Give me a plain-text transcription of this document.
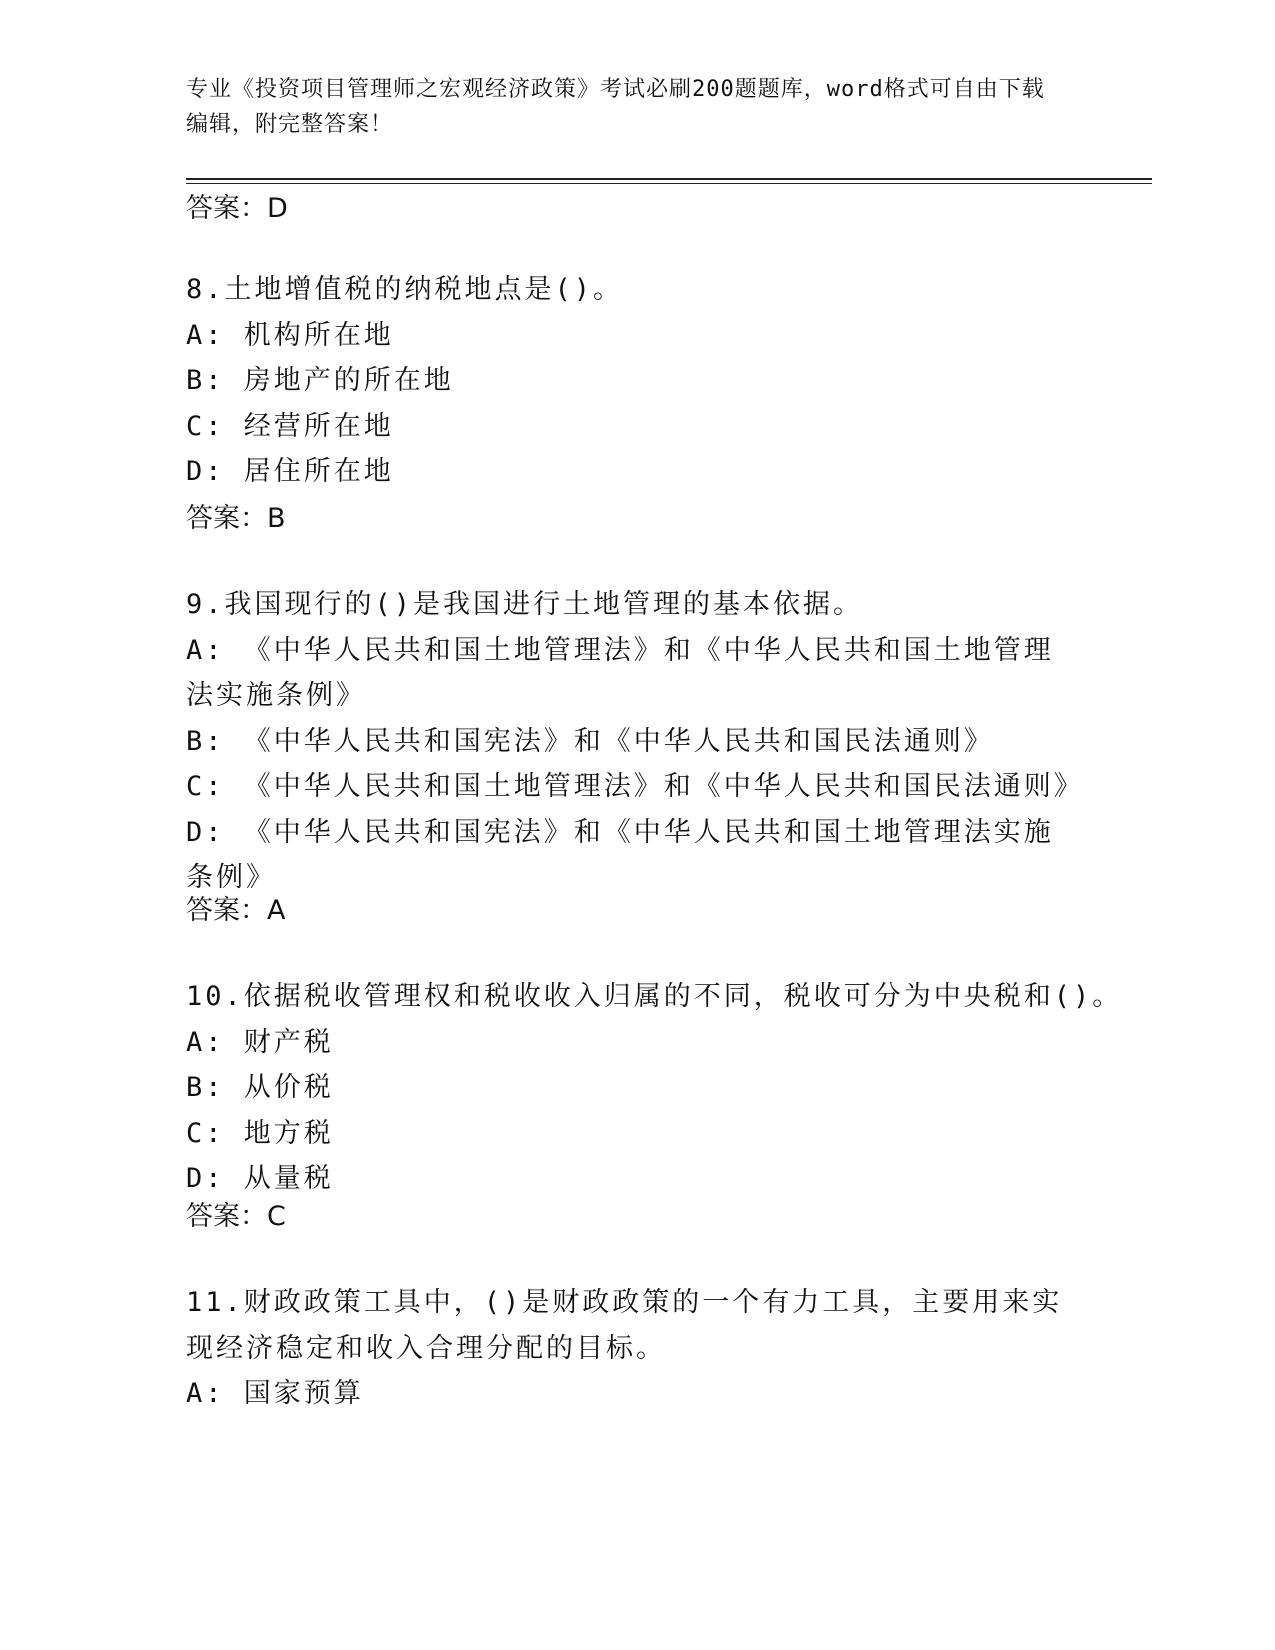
专业《投资项目管理师之宏观经济政策》考试必刷200题题库，word格式可自由下载编辑，附完整答案！
答案：D
8.土地增值税的纳税地点是()。
A: 机构所在地
B: 房地产的所在地
C: 经营所在地
D: 居住所在地
答案：B
9.我国现行的()是我国进行土地管理的基本依据。
A: 《中华人民共和国土地管理法》和《中华人民共和国土地管理法实施条例》
B: 《中华人民共和国宪法》和《中华人民共和国民法通则》
C: 《中华人民共和国土地管理法》和《中华人民共和国民法通则》
D: 《中华人民共和国宪法》和《中华人民共和国土地管理法实施条例》
答案：A
10.依据税收管理权和税收收入归属的不同，税收可分为中央税和()。
A: 财产税
B: 从价税
C: 地方税
D: 从量税
答案：C
11.财政政策工具中，()是财政政策的一个有力工具，主要用来实现经济稳定和收入合理分配的目标。
A: 国家预算
